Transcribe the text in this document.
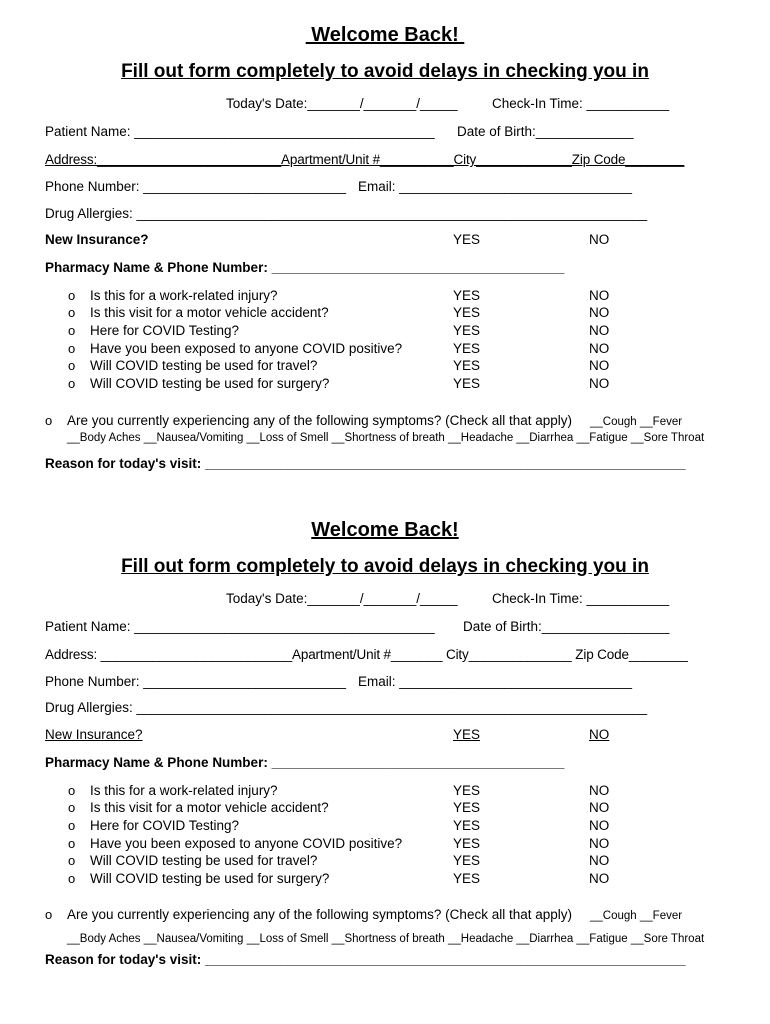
Welcome Back!
Fill out form completely to avoid delays in checking you in
Today's Date:_______/_______/_____	Check-In Time: ___________
Patient Name: ________________________________________ Date of Birth:_____________
Address:_________________________Apartment/Unit #__________City_____________Zip Code________
Phone Number: ___________________________ Email: _______________________________
Drug Allergies: ____________________________________________________________________
New Insurance?	YES	NO
Pharmacy Name & Phone Number: _______________________________________
o Is this for a work-related injury?	YES	NO
o Is this visit for a motor vehicle accident?	YES	NO
o Here for COVID Testing?	YES	NO
o Have you been exposed to anyone COVID positive?	YES	NO
o Will COVID testing be used for travel?	YES	NO
o Will COVID testing be used for surgery?	YES	NO
o Are you currently experiencing any of the following symptoms? (Check all that apply) __Cough __Fever
__Body Aches __Nausea/Vomiting __Loss of Smell __Shortness of breath __Headache __Diarrhea __Fatigue __Sore Throat
Reason for today's visit: ________________________________________________________________
Welcome Back!
Fill out form completely to avoid delays in checking you in
Today's Date:_______/_______/_____	Check-In Time: ___________
Patient Name: ________________________________________ Date of Birth:_________________
Address: __________________________Apartment/Unit #_______ City______________ Zip Code________
Phone Number: ___________________________ Email: _______________________________
Drug Allergies: ____________________________________________________________________
New Insurance?	YES	NO
Pharmacy Name & Phone Number: _______________________________________
o Is this for a work-related injury?	YES	NO
o Is this visit for a motor vehicle accident?	YES	NO
o Here for COVID Testing?	YES	NO
o Have you been exposed to anyone COVID positive?	YES	NO
o Will COVID testing be used for travel?	YES	NO
o Will COVID testing be used for surgery?	YES	NO
o Are you currently experiencing any of the following symptoms? (Check all that apply) __Cough __Fever
__Body Aches __Nausea/Vomiting __Loss of Smell __Shortness of breath __Headache __Diarrhea __Fatigue __Sore Throat
Reason for today's visit: ________________________________________________________________
